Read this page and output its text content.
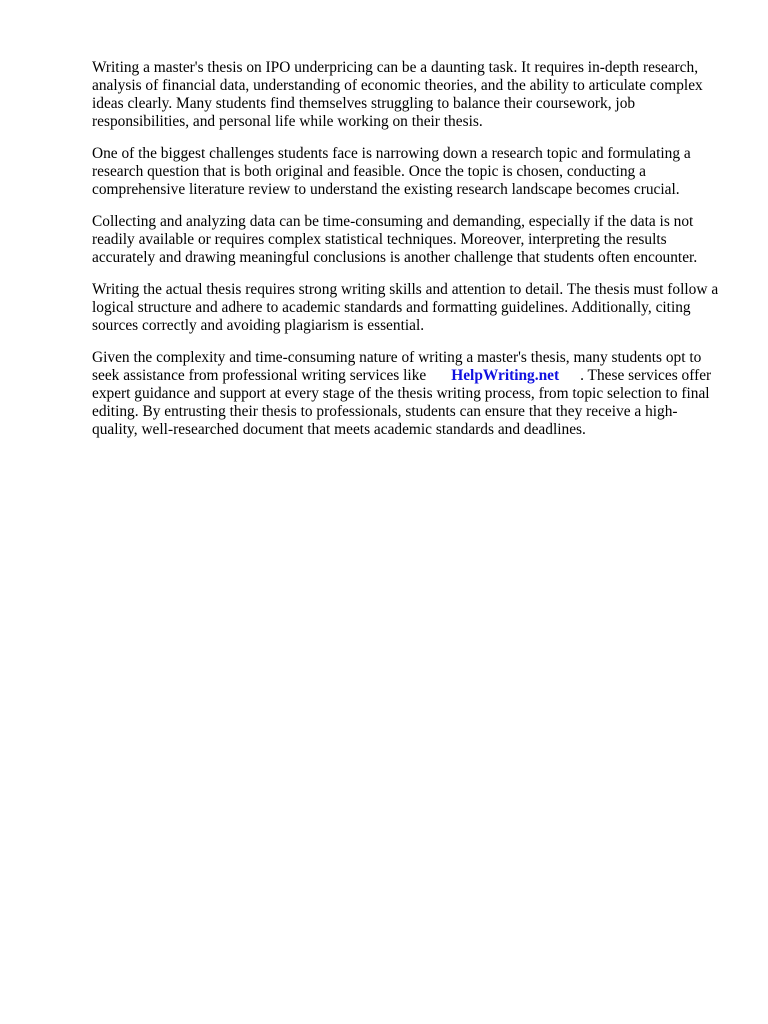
Writing a master's thesis on IPO underpricing can be a daunting task. It requires in-depth research,
analysis of financial data, understanding of economic theories, and the ability to articulate complex
ideas clearly. Many students find themselves struggling to balance their coursework, job
responsibilities, and personal life while working on their thesis.

One of the biggest challenges students face is narrowing down a research topic and formulating a
research question that is both original and feasible. Once the topic is chosen, conducting a
comprehensive literature review to understand the existing research landscape becomes crucial.

Collecting and analyzing data can be time-consuming and demanding, especially if the data is not
readily available or requires complex statistical techniques. Moreover, interpreting the results
accurately and drawing meaningful conclusions is another challenge that students often encounter.

Writing the actual thesis requires strong writing skills and attention to detail. The thesis must follow a
logical structure and adhere to academic standards and formatting guidelines. Additionally, citing
sources correctly and avoiding plagiarism is essential.

Given the complexity and time-consuming nature of writing a master's thesis, many students opt to
seek assistance from professional writing services like HelpWriting.net . These services offer
expert guidance and support at every stage of the thesis writing process, from topic selection to final
editing. By entrusting their thesis to professionals, students can ensure that they receive a high-
quality, well-researched document that meets academic standards and deadlines.
